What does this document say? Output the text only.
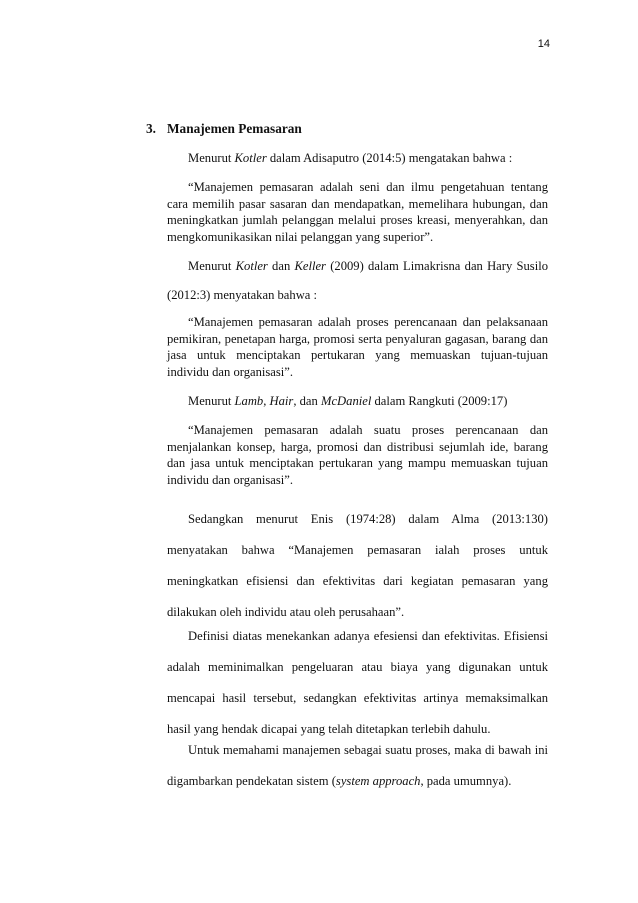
14
3. Manajemen Pemasaran

Menurut Kotler dalam Adisaputro (2014:5) mengatakan bahwa :

“Manajemen pemasaran adalah seni dan ilmu pengetahuan tentang cara memilih pasar sasaran dan mendapatkan, memelihara hubungan, dan meningkatkan jumlah pelanggan melalui proses kreasi, menyerahkan, dan mengkomunikasikan nilai pelanggan yang superior”.

Menurut Kotler dan Keller (2009) dalam Limakrisna dan Hary Susilo

(2012:3) menyatakan bahwa :

“Manajemen pemasaran adalah proses perencanaan dan pelaksanaan pemikiran, penetapan harga, promosi serta penyaluran gagasan, barang dan jasa untuk menciptakan pertukaran yang memuaskan tujuan-tujuan individu dan organisasi”.

Menurut Lamb, Hair, dan McDaniel dalam Rangkuti (2009:17)

“Manajemen pemasaran adalah suatu proses perencanaan dan menjalankan konsep, harga, promosi dan distribusi sejumlah ide, barang dan jasa untuk menciptakan pertukaran yang mampu memuaskan tujuan individu dan organisasi”.

Sedangkan menurut Enis (1974:28) dalam Alma (2013:130) menyatakan bahwa “Manajemen pemasaran ialah proses untuk meningkatkan efisiensi dan efektivitas dari kegiatan pemasaran yang dilakukan oleh individu atau oleh perusahaan”.

Definisi diatas menekankan adanya efesiensi dan efektivitas. Efisiensi adalah meminimalkan pengeluaran atau biaya yang digunakan untuk mencapai hasil tersebut, sedangkan efektivitas artinya memaksimalkan hasil yang hendak dicapai yang telah ditetapkan terlebih dahulu.

Untuk memahami manajemen sebagai suatu proses, maka di bawah ini digambarkan pendekatan sistem (system approach, pada umumnya).
